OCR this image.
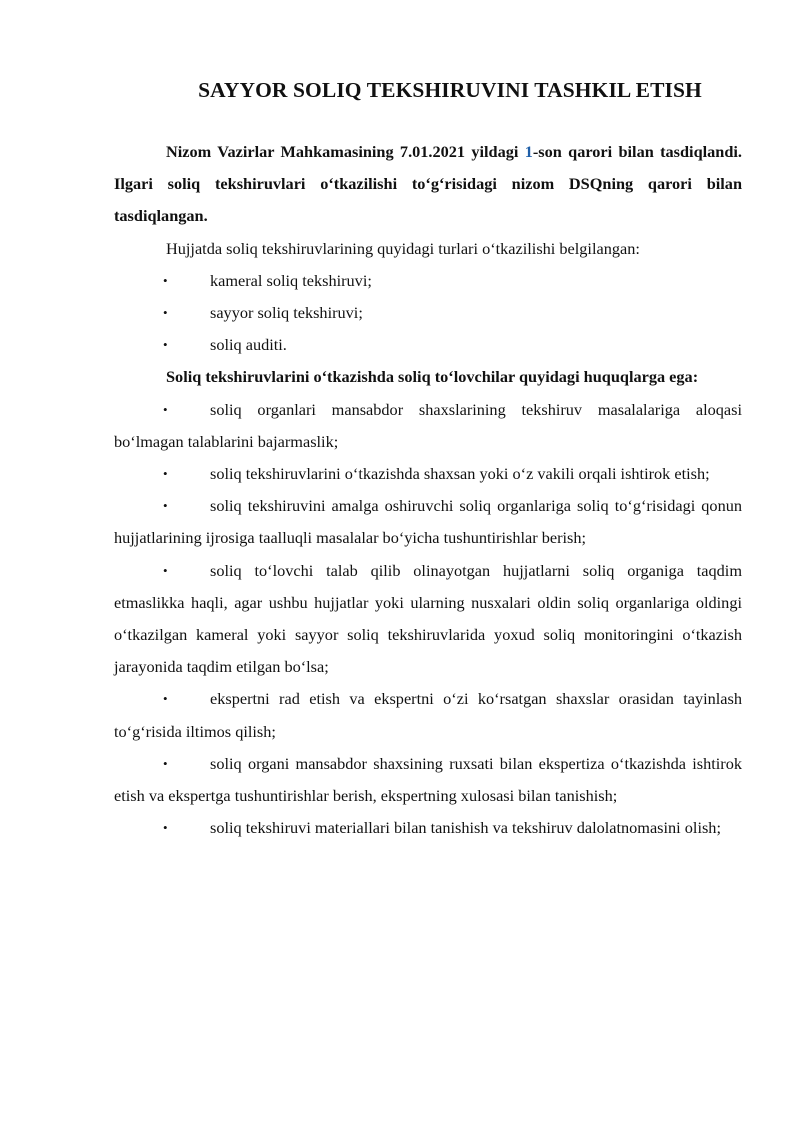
SAYYOR SOLIQ TEKSHIRUVINI TASHKIL ETISH

Nizom Vazirlar Mahkamasining 7.01.2021 yildagi 1-son qarori bilan tasdiqlandi. Ilgari soliq tekshiruvlari o‘tkazilishi to‘g‘risidagi nizom DSQning qarori bilan tasdiqlangan.

Hujjatda soliq tekshiruvlarining quyidagi turlari o‘tkazilishi belgilangan:

•	kameral soliq tekshiruvi;

•	sayyor soliq tekshiruvi;

•	soliq auditi.

Soliq tekshiruvlarini o‘tkazishda soliq to‘lovchilar quyidagi huquqlarga ega:

•	soliq organlari mansabdor shaxslarining tekshiruv masalalariga aloqasi bo‘lmagan talablarini bajarmaslik;

•	soliq tekshiruvlarini o‘tkazishda shaxsan yoki o‘z vakili orqali ishtirok etish;

•	soliq tekshiruvini amalga oshiruvchi soliq organlariga soliq to‘g‘risidagi qonun hujjatlarining ijrosiga taalluqli masalalar bo‘yicha tushuntirishlar berish;

•	soliq to‘lovchi talab qilib olinayotgan hujjatlarni soliq organiga taqdim etmaslikka haqli, agar ushbu hujjatlar yoki ularning nusxalari oldin soliq organlariga oldingi o‘tkazilgan kameral yoki sayyor soliq tekshiruvlarida yoxud soliq monitoringini o‘tkazish jarayonida taqdim etilgan bo‘lsa;

•	ekspertni rad etish va ekspertni o‘zi ko‘rsatgan shaxslar orasidan tayinlash to‘g‘risida iltimos qilish;

•	soliq organi mansabdor shaxsining ruxsati bilan ekspertiza o‘tkazishda ishtirok etish va ekspertga tushuntirishlar berish, ekspertning xulosasi bilan tanishish;

•	soliq tekshiruvi materiallari bilan tanishish va tekshiruv dalolatnomasini olish;
